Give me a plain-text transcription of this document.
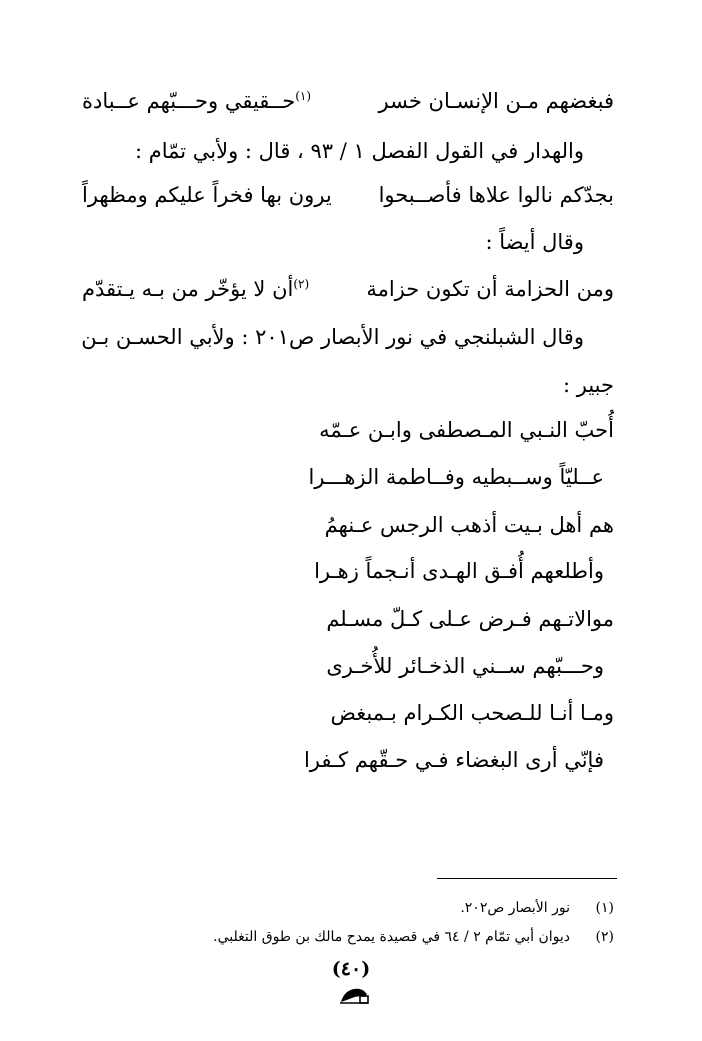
فبغضهم مـن الإنسـان خسر
$^{(١)}$حــقيقي وحـــبّهم عــبادة
والهدار في القول الفصل ١ / ٩٣ ، قال : ولأبي تمّام :
بجدّكم نالوا علاها فأصــبحوا
يرون بها فخراً عليكم ومظهراً
وقال أيضاً :
ومن الحزامة أن تكون حزامة
$^{(٢)}$أن لا يؤخّر من بـه يـتقدّم
وقال الشبلنجي في نور الأبصار ص٢٠١ : ولأبي الحسـن بـن
جبير :
أُحبّ النـبي المـصطفى وابـن عـمّه
عــليّاً وســبطيه وفــاطمة الزهـــرا
هم أهل بـيت أذهب الرجس عـنهمُ
وأطلعهم أُفـق الهـدى أنـجماً زهـرا
موالاتـهم فـرض عـلى كـلّ مسـلم
وحـــبّهم ســني الذخـائر للأُخـرى
ومـا أنـا للـصحب الكـرام بـمبغض
فإنّي أرى البغضاء فـي حـقّهم كـفرا
(١)نور الأبصار ص٢٠٢.
(٢)ديوان أبي تمّام ٢ / ٦٤ في قصيدة يمدح مالك بن طوق التغلبي.
(٤٠)
